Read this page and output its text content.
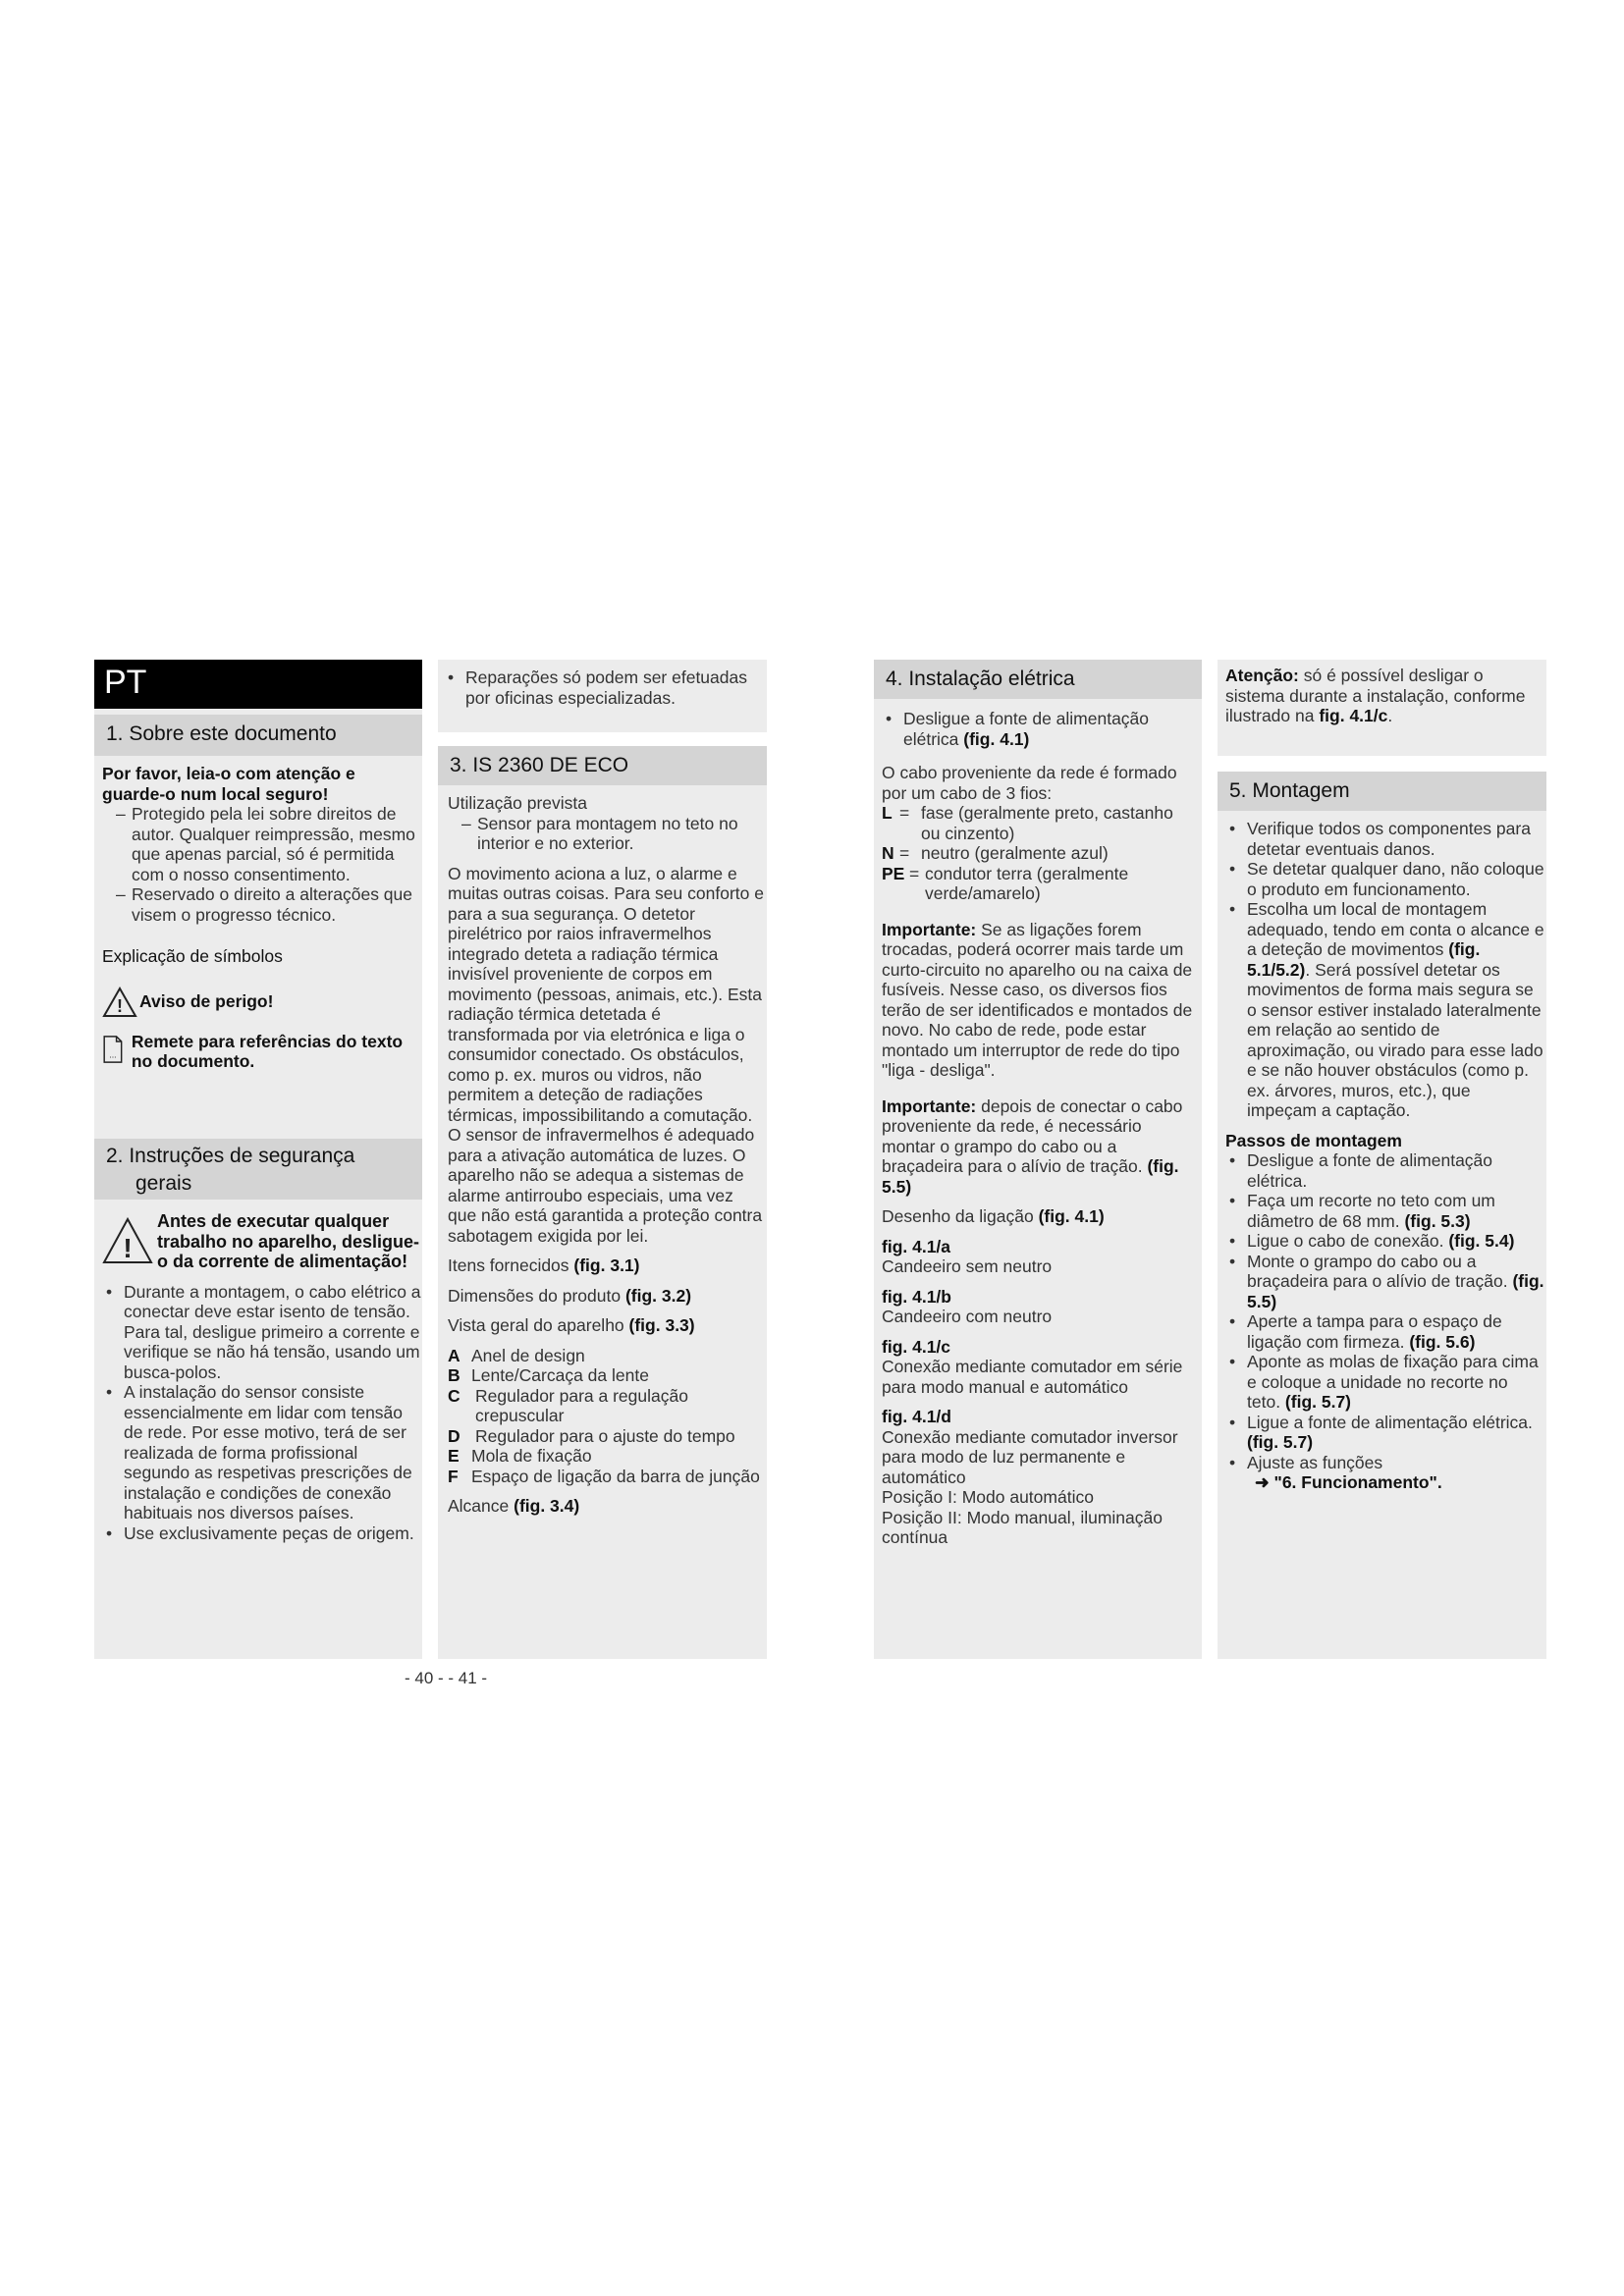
PT
1. Sobre este documento

Por favor, leia-o com atenção e guarde-o num local seguro!

– Protegido pela lei sobre direitos de autor. Qualquer reimpressão, mesmo que apenas parcial, só é permitida com o nosso consentimento.
– Reservado o direito a alterações que visem o progresso técnico.

Explicação de símbolos

! Aviso de perigo!
...
Remete para referências do texto no documento.
2. Instruções de segurança
gerais
!

Antes de executar qualquer trabalho no aparelho, desligue-o da corrente de alimentação!

• Durante a montagem, o cabo elétrico a conectar deve estar isento de tensão. Para tal, desligue primeiro a corrente e verifique se não há tensão, usando um busca-polos.
• A instalação do sensor consiste essencialmente em lidar com tensão de rede. Por esse motivo, terá de ser realizada de forma profissional segundo as respetivas prescrições de instalação e condições de conexão habituais nos diversos países.
• Use exclusivamente peças de origem.
• Reparações só podem ser efetuadas por oficinas especializadas.
3. IS 2360 DE ECO

Utilização prevista

– Sensor para montagem no teto no interior e no exterior.

O movimento aciona a luz, o alarme e muitas outras coisas. Para seu conforto e para a sua segurança. O detetor pirelétrico por raios infravermelhos integrado deteta a radiação térmica invisível proveniente de corpos em movimento (pessoas, animais, etc.). Esta radiação térmica detetada é transformada por via eletrónica e liga o consumidor conectado. Os obstáculos, como p. ex. muros ou vidros, não permitem a deteção de radiações térmicas, impossibilitando a comutação.

O sensor de infravermelhos é adequado para a ativação automática de luzes. O aparelho não se adequa a sistemas de alarme antirroubo especiais, uma vez que não está garantida a proteção contra sabotagem exigida por lei.

Itens fornecidos (fig. 3.1)

Dimensões do produto (fig. 3.2)

Vista geral do aparelho (fig. 3.3)

A Anel de design
B Lente/Carcaça da lente
C Regulador para a regulação crepuscular
D Regulador para o ajuste do tempo
E Mola de fixação
F Espaço de ligação da barra de junção

Alcance (fig. 3.4)

4. Instalação elétrica
• Desligue a fonte de alimentação elétrica (fig. 4.1)

O cabo proveniente da rede é formado por um cabo de 3 fios:

L = fase (geralmente preto, castanho ou cinzento)
N = neutro (geralmente azul)
PE = condutor terra (geralmente verde/amarelo)

Importante: Se as ligações forem trocadas, poderá ocorrer mais tarde um curto-circuito no aparelho ou na caixa de fusíveis. Nesse caso, os diversos fios terão de ser identificados e montados de novo. No cabo de rede, pode estar montado um interruptor de rede do tipo "liga - desliga".

Importante: depois de conectar o cabo proveniente da rede, é necessário montar o grampo do cabo ou a braçadeira para o alívio de tração. (fig. 5.5)

Desenho da ligação (fig. 4.1)

fig. 4.1/a

Candeeiro sem neutro

fig. 4.1/b

Candeeiro com neutro

fig. 4.1/c

Conexão mediante comutador em série para modo manual e automático

fig. 4.1/d

Conexão mediante comutador inversor para modo de luz permanente e automático

Posição I: Modo automático

Posição II: Modo manual, iluminação contínua

Atenção: só é possível desligar o sistema durante a instalação, conforme ilustrado na fig. 4.1/c.

5. Montagem
• Verifique todos os componentes para detetar eventuais danos.
• Se detetar qualquer dano, não coloque o produto em funcionamento.
• Escolha um local de montagem adequado, tendo em conta o alcance e a deteção de movimentos (fig. 5.1/5.2). Será possível detetar os movimentos de forma mais segura se o sensor estiver instalado lateralmente em relação ao sentido de aproximação, ou virado para esse lado e se não houver obstáculos (como p. ex. árvores, muros, etc.), que impeçam a captação.

Passos de montagem

• Desligue a fonte de alimentação elétrica.
• Faça um recorte no teto com um diâmetro de 68 mm. (fig. 5.3)
• Ligue o cabo de conexão. (fig. 5.4)
• Monte o grampo do cabo ou a braçadeira para o alívio de tração. (fig. 5.5)
• Aperte a tampa para o espaço de ligação com firmeza. (fig. 5.6)
• Aponte as molas de fixação para cima e coloque a unidade no recorte no teto. (fig. 5.7)
• Ligue a fonte de alimentação elétrica. (fig. 5.7)
• Ajuste as funções
➜ "6. Funcionamento".
- 40 - - 41 -
